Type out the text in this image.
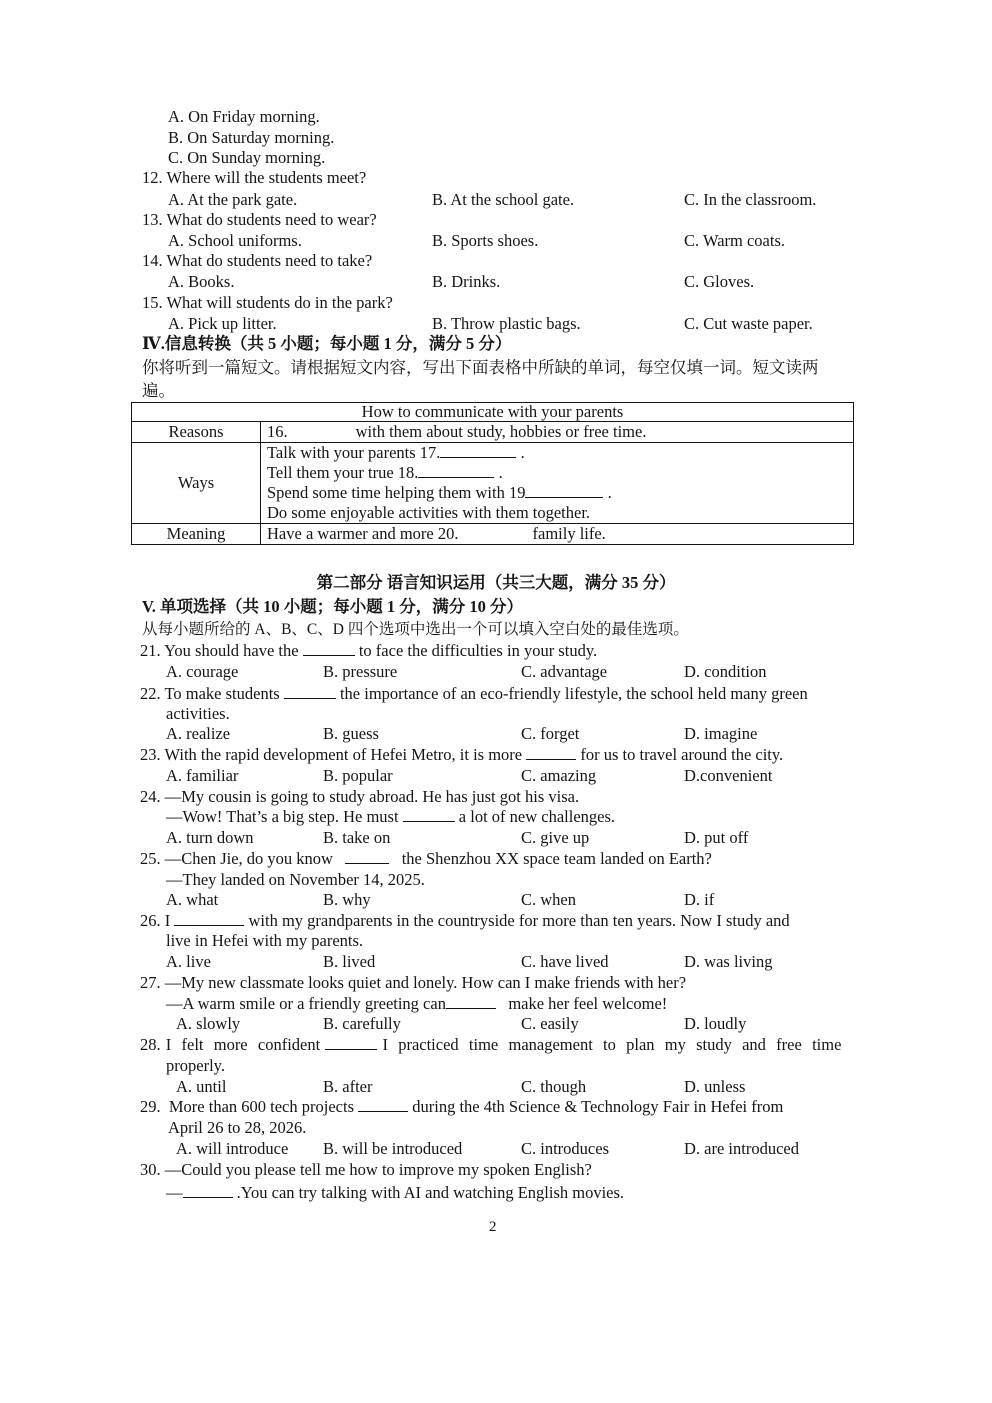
A. On Friday morning.
B. On Saturday morning.
C. On Sunday morning.
12. Where will the students meet?
A. At the park gate.	B. At the school gate.	C. In the classroom.
13. What do students need to wear?
A. School uniforms.	B. Sports shoes.	C. Warm coats.
14. What do students need to take?
A. Books.	B. Drinks.	C. Gloves.
15. What will students do in the park?
A. Pick up litter.	B. Throw plastic bags.	C. Cut waste paper.
Ⅳ.信息转换（共 5 小题；每小题 1 分，满分 5 分）
你将听到一篇短文。请根据短文内容，写出下面表格中所缺的单词，每空仅填一词。短文读两
遍。
How to communicate with your parents	
Reasons	16. with them about study, hobbies or free time.
Ways	Talk with your parents 17. .
Tell them your true 18. .
Spend some time helping them with 19 .
Do some enjoyable activities with them together.

Meaning	Have a warmer and more 20. family life.
第二部分 语言知识运用（共三大题，满分 35 分）
V. 单项选择（共 10 小题；每小题 1 分，满分 10 分）
从每小题所给的 A、B、C、D 四个选项中选出一个可以填入空白处的最佳选项。
21. You should have the	to face the difficulties in your study.
A. courage	B. pressure	C. advantage	D. condition
22. To make students	the importance of an eco-friendly lifestyle, the school held many green
activities.
A. realize	B. guess	C. forget	D. imagine
23. With the rapid development of Hefei Metro, it is more	for us to travel around the city.
A. familiar	B. popular	C. amazing	D.convenient
24. —My cousin is going to study abroad. He has just got his visa.
—Wow! That’s a big step. He must	a lot of new challenges.
A. turn down	B. take on	C. give up	D. put off
25. —Chen Jie, do you know	the Shenzhou XX space team landed on Earth?
—They landed on November 14, 2025.
A. what	B. why	C. when	D. if
26. I	with my grandparents in the countryside for more than ten years. Now I study and
live in Hefei with my parents.
A. live	B. lived	C. have lived	D. was living
27. —My new classmate looks quiet and lonely. How can I make friends with her?
—A warm smile or a friendly greeting can	make her feel welcome!
A. slowly	B. carefully	C. easily	D. loudly
28. I  felt  more  confident	I  practiced  time  management  to  plan  my  study  and  free  time
properly.
A. until	B. after	C. though	D. unless
29.  More than 600 tech projects	during the 4th Science & Technology Fair in Hefei from
April 26 to 28, 2026.
A. will introduce B. will be introduced	C. introduces	D. are introduced
30. —Could you please tell me how to improve my spoken English?
—	.You can try talking with AI and watching English movies.
2
